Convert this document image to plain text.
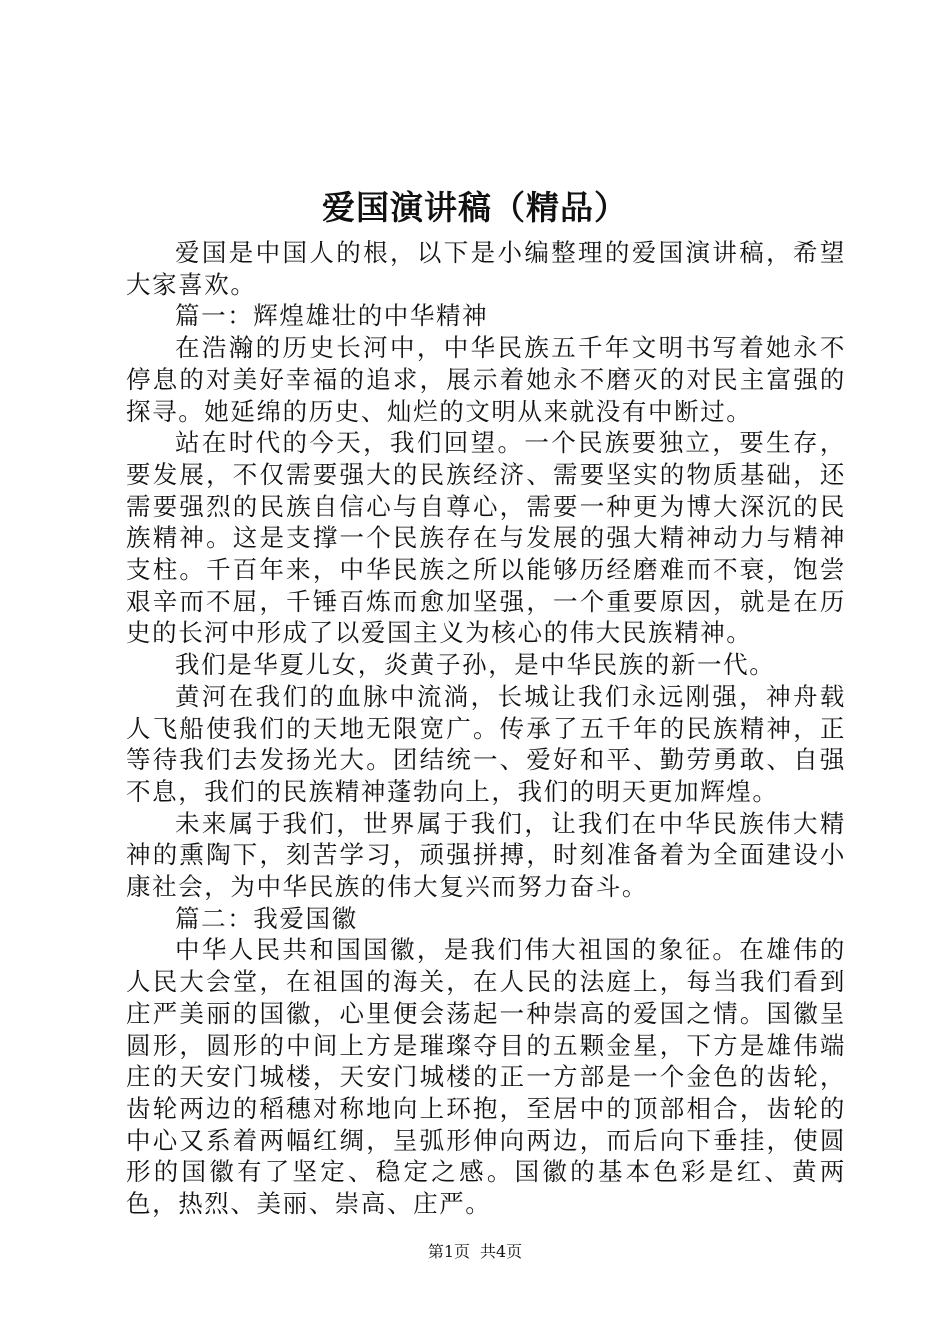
爱国演讲稿（精品）

爱国是中国人的根，以下是小编整理的爱国演讲稿，希望大家喜欢。

篇一：辉煌雄壮的中华精神

在浩瀚的历史长河中，中华民族五千年文明书写着她永不停息的对美好幸福的追求，展示着她永不磨灭的对民主富强的探寻。她延绵的历史、灿烂的文明从来就没有中断过。

站在时代的今天，我们回望。一个民族要独立，要生存，要发展，不仅需要强大的民族经济、需要坚实的物质基础，还需要强烈的民族自信心与自尊心，需要一种更为博大深沉的民族精神。这是支撑一个民族存在与发展的强大精神动力与精神支柱。千百年来，中华民族之所以能够历经磨难而不衰，饱尝艰辛而不屈，千锤百炼而愈加坚强，一个重要原因，就是在历史的长河中形成了以爱国主义为核心的伟大民族精神。

我们是华夏儿女，炎黄子孙，是中华民族的新一代。

黄河在我们的血脉中流淌，长城让我们永远刚强，神舟载人飞船使我们的天地无限宽广。传承了五千年的民族精神，正等待我们去发扬光大。团结统一、爱好和平、勤劳勇敢、自强不息，我们的民族精神蓬勃向上，我们的明天更加辉煌。

未来属于我们，世界属于我们，让我们在中华民族伟大精神的熏陶下，刻苦学习，顽强拼搏，时刻准备着为全面建设小康社会，为中华民族的伟大复兴而努力奋斗。

篇二：我爱国徽

中华人民共和国国徽，是我们伟大祖国的象征。在雄伟的人民大会堂，在祖国的海关，在人民的法庭上，每当我们看到庄严美丽的国徽，心里便会荡起一种崇高的爱国之情。国徽呈圆形，圆形的中间上方是璀璨夺目的五颗金星，下方是雄伟端庄的天安门城楼，天安门城楼的正一方部是一个金色的齿轮，齿轮两边的稻穗对称地向上环抱，至居中的顶部相合，齿轮的中心又系着两幅红绸，呈弧形伸向两边，而后向下垂挂，使圆形的国徽有了坚定、稳定之感。国徽的基本色彩是红、黄两色，热烈、美丽、崇高、庄严。

第1页 共4页
